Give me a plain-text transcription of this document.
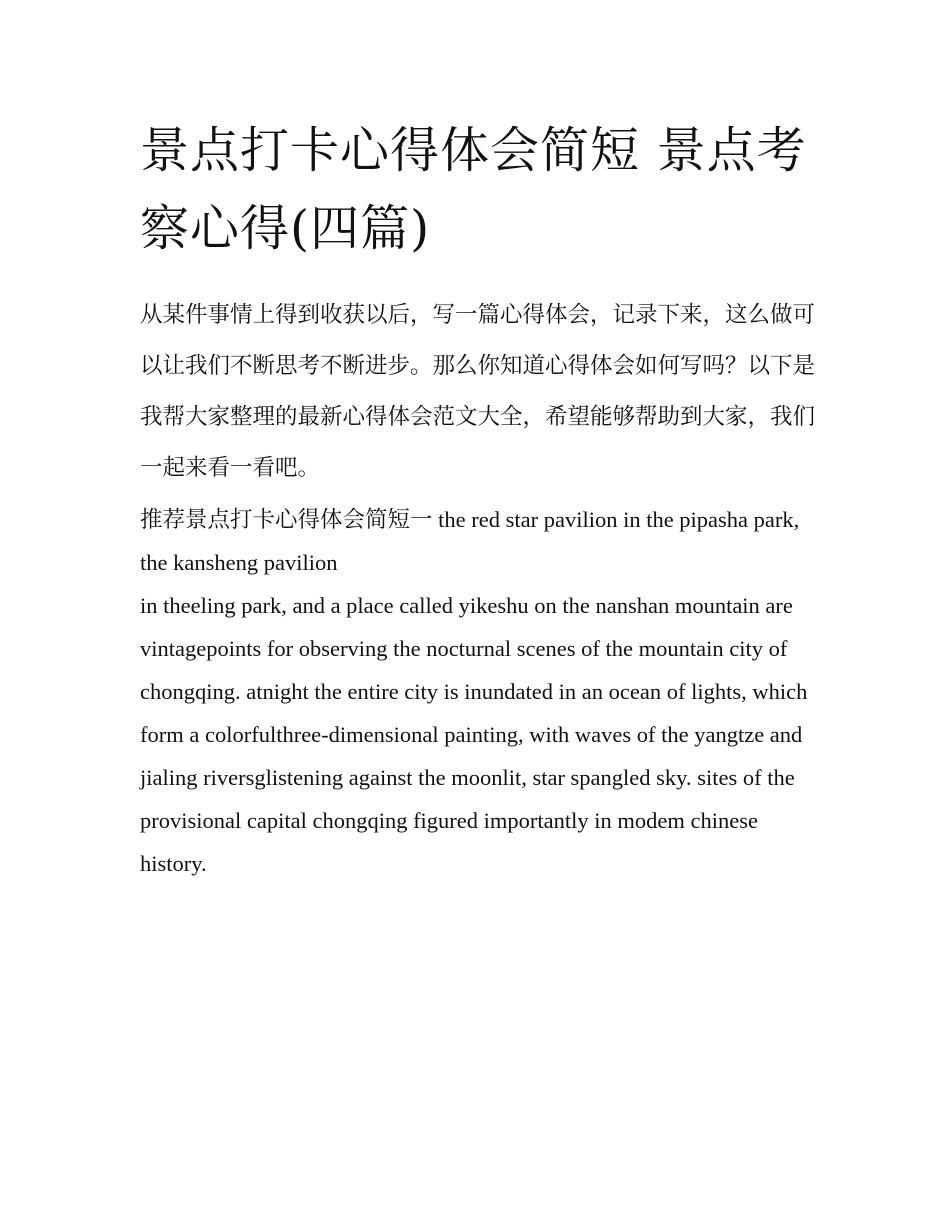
景点打卡心得体会简短 景点考察心得(四篇)

从某件事情上得到收获以后，写一篇心得体会，记录下来，这么做可以让我们不断思考不断进步。那么你知道心得体会如何写吗？以下是我帮大家整理的最新心得体会范文大全，希望能够帮助到大家，我们一起来看一看吧。

推荐景点打卡心得体会简短一 the red star pavilion in the pipasha park, the kansheng pavilion
in theeling park, and a place called yikeshu on the nanshan mountain are
vintagepoints for observing the nocturnal scenes of the mountain city of
chongqing. atnight the entire city is inundated in an ocean of lights, which
form a colorfulthree-dimensional painting, with waves of the yangtze and
jialing riversglistening against the moonlit, star spangled sky. sites of the
provisional capital chongqing figured importantly in modem chinese history.
